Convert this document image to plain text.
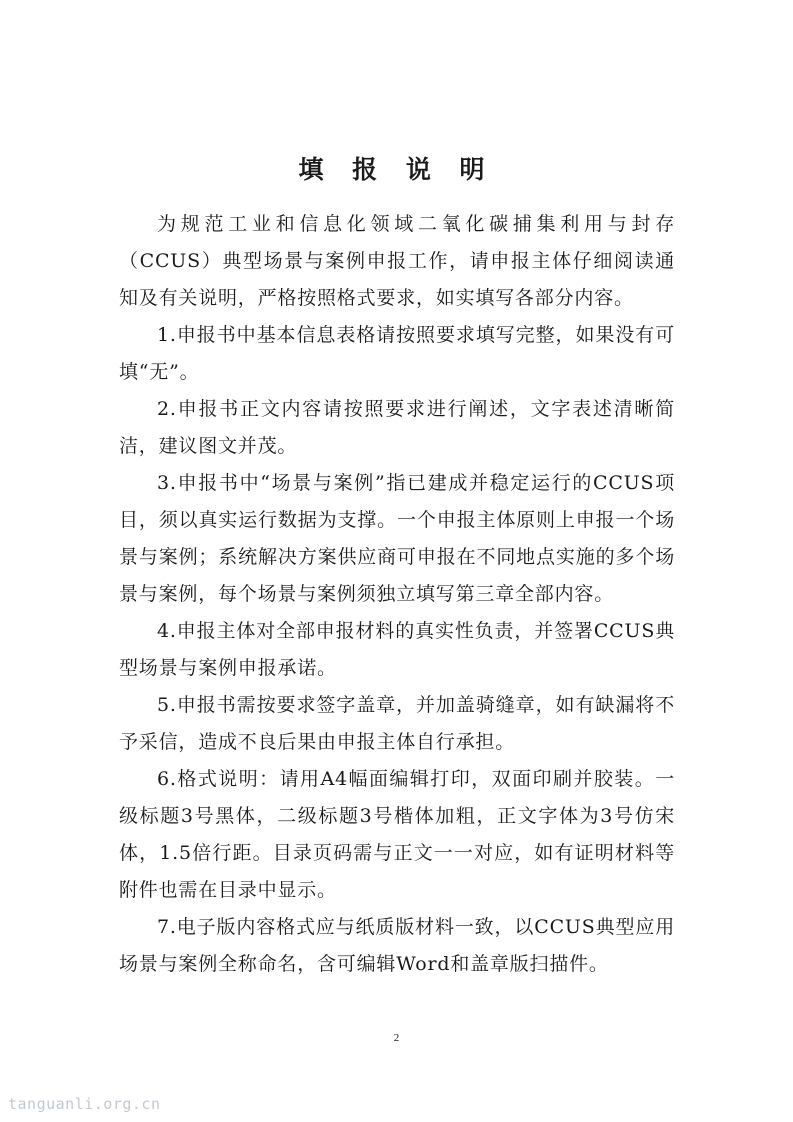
填 报 说 明

为规范工业和信息化领域二氧化碳捕集利用与封存（CCUS）典型场景与案例申报工作，请申报主体仔细阅读通知及有关说明，严格按照格式要求，如实填写各部分内容。

1.申报书中基本信息表格请按照要求填写完整，如果没有可填“无”。

2.申报书正文内容请按照要求进行阐述，文字表述清晰简洁，建议图文并茂。

3.申报书中“场景与案例”指已建成并稳定运行的CCUS项目，须以真实运行数据为支撑。一个申报主体原则上申报一个场景与案例；系统解决方案供应商可申报在不同地点实施的多个场景与案例，每个场景与案例须独立填写第三章全部内容。

4.申报主体对全部申报材料的真实性负责，并签署CCUS典型场景与案例申报承诺。

5.申报书需按要求签字盖章，并加盖骑缝章，如有缺漏将不予采信，造成不良后果由申报主体自行承担。

6.格式说明：请用A4幅面编辑打印，双面印刷并胶装。一级标题3号黑体，二级标题3号楷体加粗，正文字体为3号仿宋体，1.5倍行距。目录页码需与正文一一对应，如有证明材料等附件也需在目录中显示。

7.电子版内容格式应与纸质版材料一致，以CCUS典型应用场景与案例全称命名，含可编辑Word和盖章版扫描件。

2
tanguanli.org.cn
